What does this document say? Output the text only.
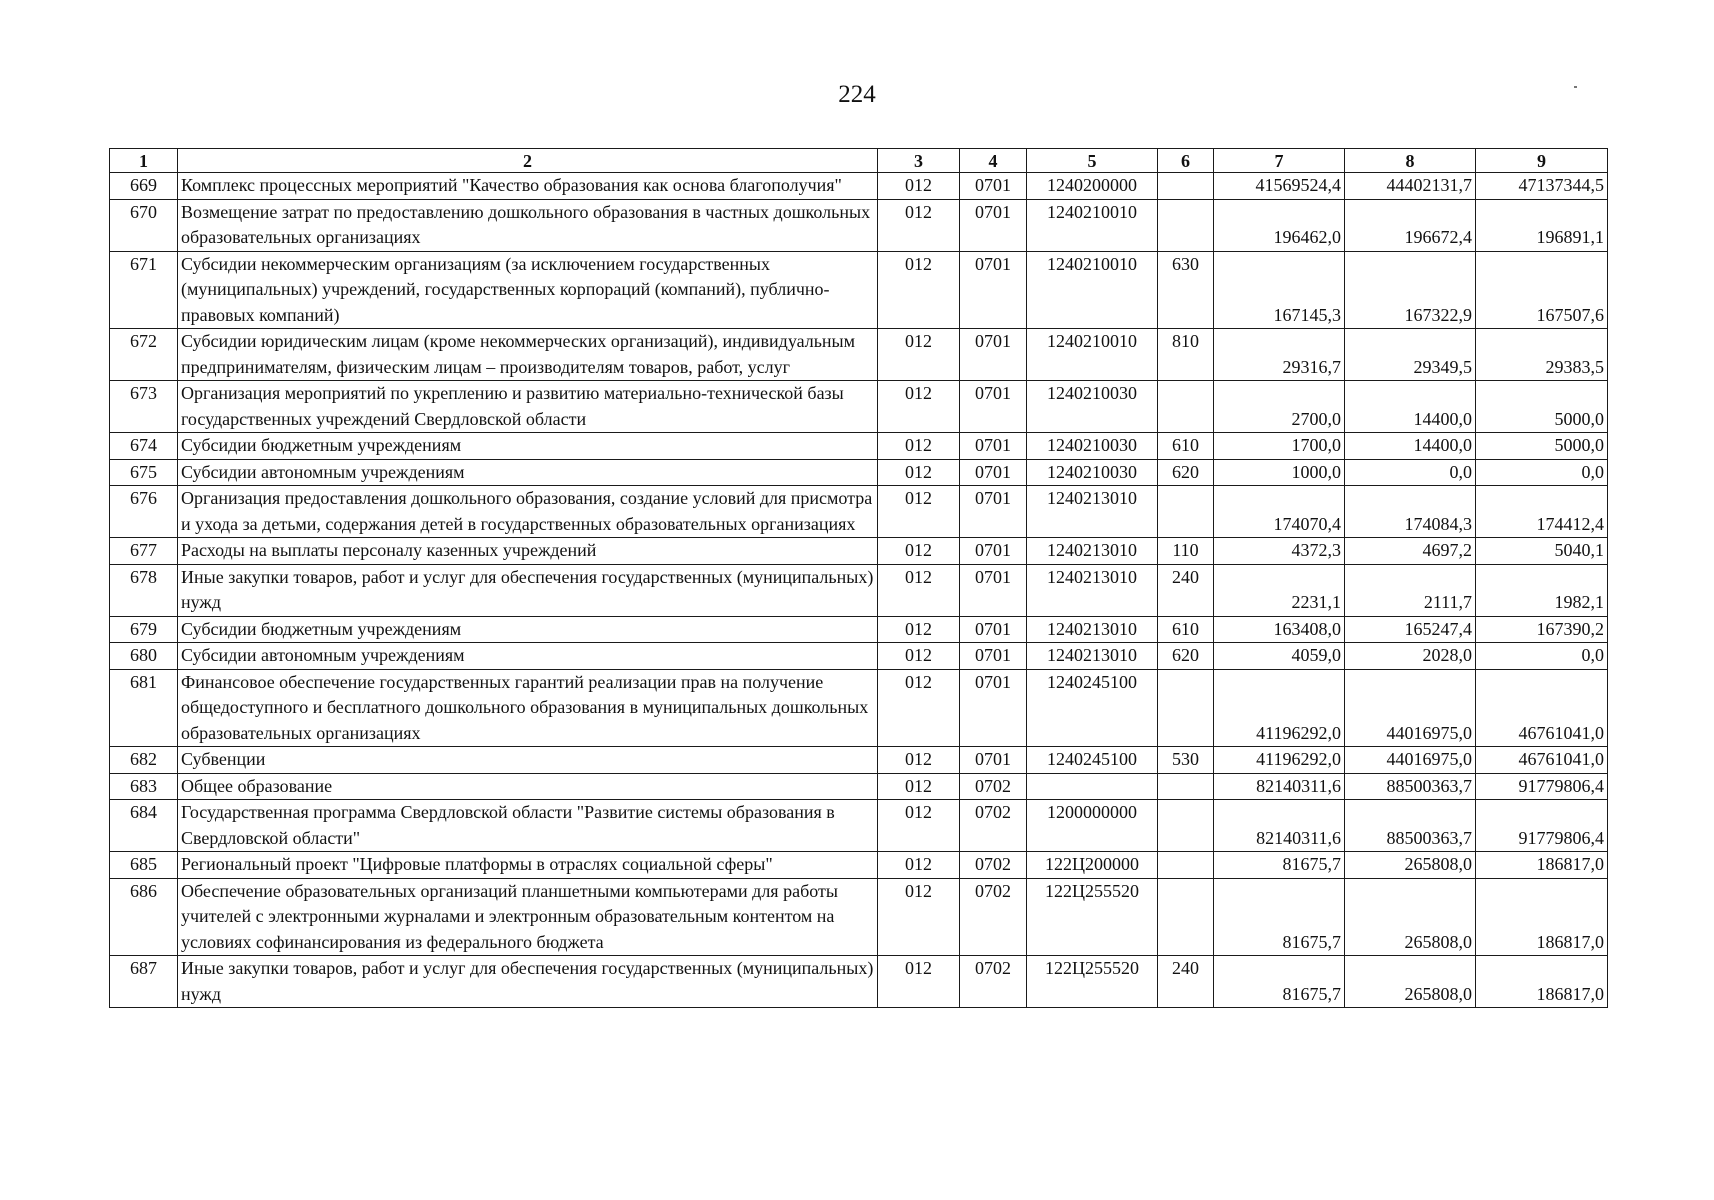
224
1	2	3	4	5	6	7	8	9
669	Комплекс процессных мероприятий "Качество образования как основа благополучия"	012	0701	1240200000		41569524,4	44402131,7	47137344,5
670	Возмещение затрат по предоставлению дошкольного образования в частных дошкольных образовательных организациях	012	0701	1240210010		196462,0	196672,4	196891,1
671	Субсидии некоммерческим организациям (за исключением государственных (муниципальных) учреждений, государственных корпораций (компаний), публично-правовых компаний)	012	0701	1240210010	630	167145,3	167322,9	167507,6
672	Субсидии юридическим лицам (кроме некоммерческих организаций), индивидуальным предпринимателям, физическим лицам – производителям товаров, работ, услуг	012	0701	1240210010	810	29316,7	29349,5	29383,5
673	Организация мероприятий по укреплению и развитию материально-технической базы государственных учреждений Свердловской области	012	0701	1240210030		2700,0	14400,0	5000,0
674	Субсидии бюджетным учреждениям	012	0701	1240210030	610	1700,0	14400,0	5000,0
675	Субсидии автономным учреждениям	012	0701	1240210030	620	1000,0	0,0	0,0
676	Организация предоставления дошкольного образования, создание условий для присмотра и ухода за детьми, содержания детей в государственных образовательных организациях	012	0701	1240213010		174070,4	174084,3	174412,4
677	Расходы на выплаты персоналу казенных учреждений	012	0701	1240213010	110	4372,3	4697,2	5040,1
678	Иные закупки товаров, работ и услуг для обеспечения государственных (муниципальных) нужд	012	0701	1240213010	240	2231,1	2111,7	1982,1
679	Субсидии бюджетным учреждениям	012	0701	1240213010	610	163408,0	165247,4	167390,2
680	Субсидии автономным учреждениям	012	0701	1240213010	620	4059,0	2028,0	0,0
681	Финансовое обеспечение государственных гарантий реализации прав на получение общедоступного и бесплатного дошкольного образования в муниципальных дошкольных образовательных организациях	012	0701	1240245100		41196292,0	44016975,0	46761041,0
682	Субвенции	012	0701	1240245100	530	41196292,0	44016975,0	46761041,0
683	Общее образование	012	0702			82140311,6	88500363,7	91779806,4
684	Государственная программа Свердловской области "Развитие системы образования в Свердловской области"	012	0702	1200000000		82140311,6	88500363,7	91779806,4
685	Региональный проект "Цифровые платформы в отраслях социальной сферы"	012	0702	122Ц200000		81675,7	265808,0	186817,0
686	Обеспечение образовательных организаций планшетными компьютерами для работы учителей с электронными журналами и электронным образовательным контентом на условиях софинансирования из федерального бюджета	012	0702	122Ц255520		81675,7	265808,0	186817,0
687	Иные закупки товаров, работ и услуг для обеспечения государственных (муниципальных) нужд	012	0702	122Ц255520	240	81675,7	265808,0	186817,0
